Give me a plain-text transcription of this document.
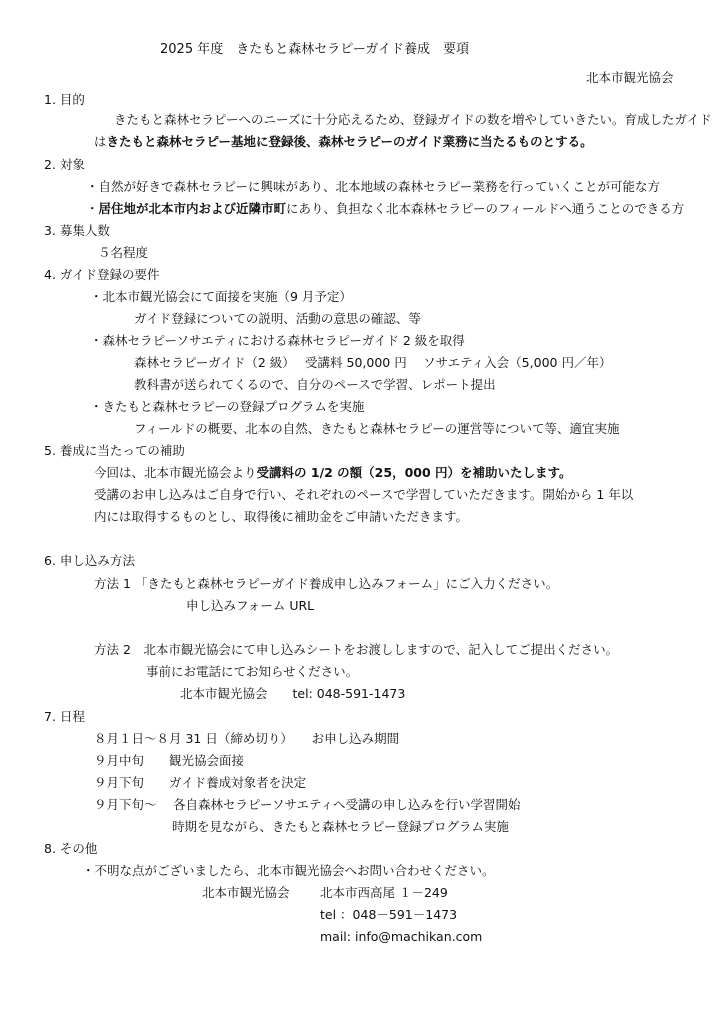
2025 年度　きたもと森林セラピーガイド養成　要項
北本市観光協会
1. 目的
きたもと森林セラピーへのニーズに十分応えるため、登録ガイドの数を増やしていきたい。育成したガイド
はきたもと森林セラピー基地に登録後、森林セラピーのガイド業務に当たるものとする。
2. 対象
・自然が好きで森林セラピーに興味があり、北本地域の森林セラピー業務を行っていくことが可能な方
・居住地が北本市内および近隣市町にあり、負担なく北本森林セラピーのフィールドへ通うことのできる方
3. 募集人数
５名程度
4. ガイド登録の要件
・北本市観光協会にて面接を実施（9 月予定）
ガイド登録についての説明、活動の意思の確認、等
・森林セラピーソサエティにおける森林セラピーガイド 2 級を取得
森林セラピーガイド（2 級）　 受講料 50,000 円　 ソサエティ入会（5,000 円／年）
教科書が送られてくるので、自分のペースで学習、レポート提出
・きたもと森林セラピーの登録プログラムを実施
フィールドの概要、北本の自然、きたもと森林セラピーの運営等について等、適宜実施
5. 養成に当たっての補助
今回は、北本市観光協会より受講料の 1/2 の額（25，000 円）を補助いたします。
受講のお申し込みはご自身で行い、それぞれのペースで学習していただきます。開始から 1 年以
内には取得するものとし、取得後に補助金をご申請いただきます。
6. 申し込み方法
方法 1 「きたもと森林セラピーガイド養成申し込みフォーム」にご入力ください。
申し込みフォーム URL
方法 2　北本市観光協会にて申し込みシートをお渡ししますので、記入してご提出ください。
事前にお電話にてお知らせください。
北本市観光協会　　tel: 048-591-1473
7. 日程
８月１日～８月 31 日（締め切り）　　お申し込み期間
９月中旬　　観光協会面接
９月下旬　　ガイド養成対象者を決定
９月下旬～　 各自森林セラピーソサエティへ受講の申し込みを行い学習開始
時期を見ながら、きたもと森林セラピー登録プログラム実施
8. その他
・不明な点がございましたら、北本市観光協会へお問い合わせください。
北本市観光協会 北本市西高尾 １－249
tel ：048－591－1473
mail: info@machikan.com
